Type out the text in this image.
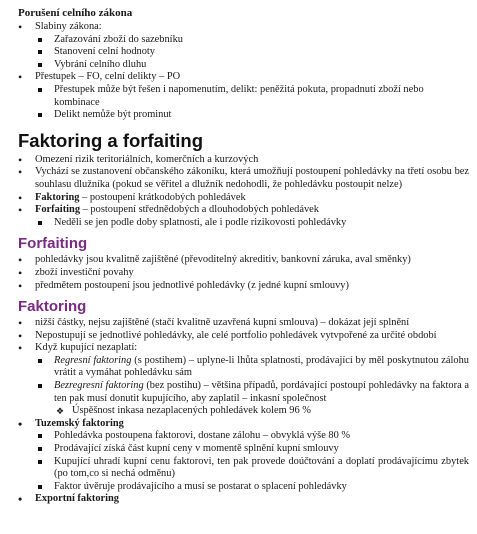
Porušení celního zákona
• Slabiny zákona:
Zařazování zboží do sazebníku
Stanovení celní hodnoty
Vybrání celního dluhu
• Přestupek – FO, celní delikty – PO
Přestupek může být řešen i napomenutím, delikt: peněžitá pokuta, propadnutí zboží nebo kombinace
Delikt nemůže být prominut
Faktoring a forfaiting
• Omezení rizik teritoriálních, komerčních a kurzových
• Vychází se zustanovení občanského zákoníku, která umožňují postoupení pohledávky na třetí osobu bez souhlasu dlužníka (pokud se věřitel a dlužník nedohodli, že pohledávku postoupit nelze)
• Faktoring – postoupení krátkodobých pohledávek
• Forfaiting – postoupení střednědobých a dlouhodobých pohledávek
Neděli se jen podle doby splatnosti, ale i podle rizikovosti pohledávky
Forfaiting
• pohledávky jsou kvalitně zajištěné (převoditelný akreditiv, bankovní záruka, aval směnky)
• zboží investiční povahy
• předmětem postoupení jsou jednotlivé pohledávky (z jedné kupní smlouvy)
Faktoring
• nižší částky, nejsu zajištěné (stačí kvalitně uzavřená kupní smlouva) – dokázat její splnění
• Nepostupují se jednotlivé pohledávky, ale celé portfolio pohledávek vytvpořené za určité období
• Když kupující nezaplatí:
Regresní faktoring (s postihem) – uplyne-li lhůta splatnosti, prodávající by měl poskytnutou zálohu vrátit a vymáhat pohledávku sám
Bezregresní faktoring (bez postihu) – většina případů, pordávající postoupí pohledávky na faktora a ten pak musí donutit kupujícího, aby zaplatil – inkasní společnost
❖ Úspěšnost inkasa nezaplacených pohledávek kolem 96 %
• Tuzemský faktoring
Pohledávka postoupena faktorovi, dostane zálohu – obvyklá výše 80 %
Prodávající získá část kupní ceny v momentě splnění kupní smlouvy
Kupující uhradí kupní cenu faktorovi, ten pak provede doúčtování a doplatí prodávajícímu zbytek (po tom,co si nechá odměnu)
Faktor úvěruje prodávajícího a musí se postarat o splacení pohledávky
• Exportní faktoring
